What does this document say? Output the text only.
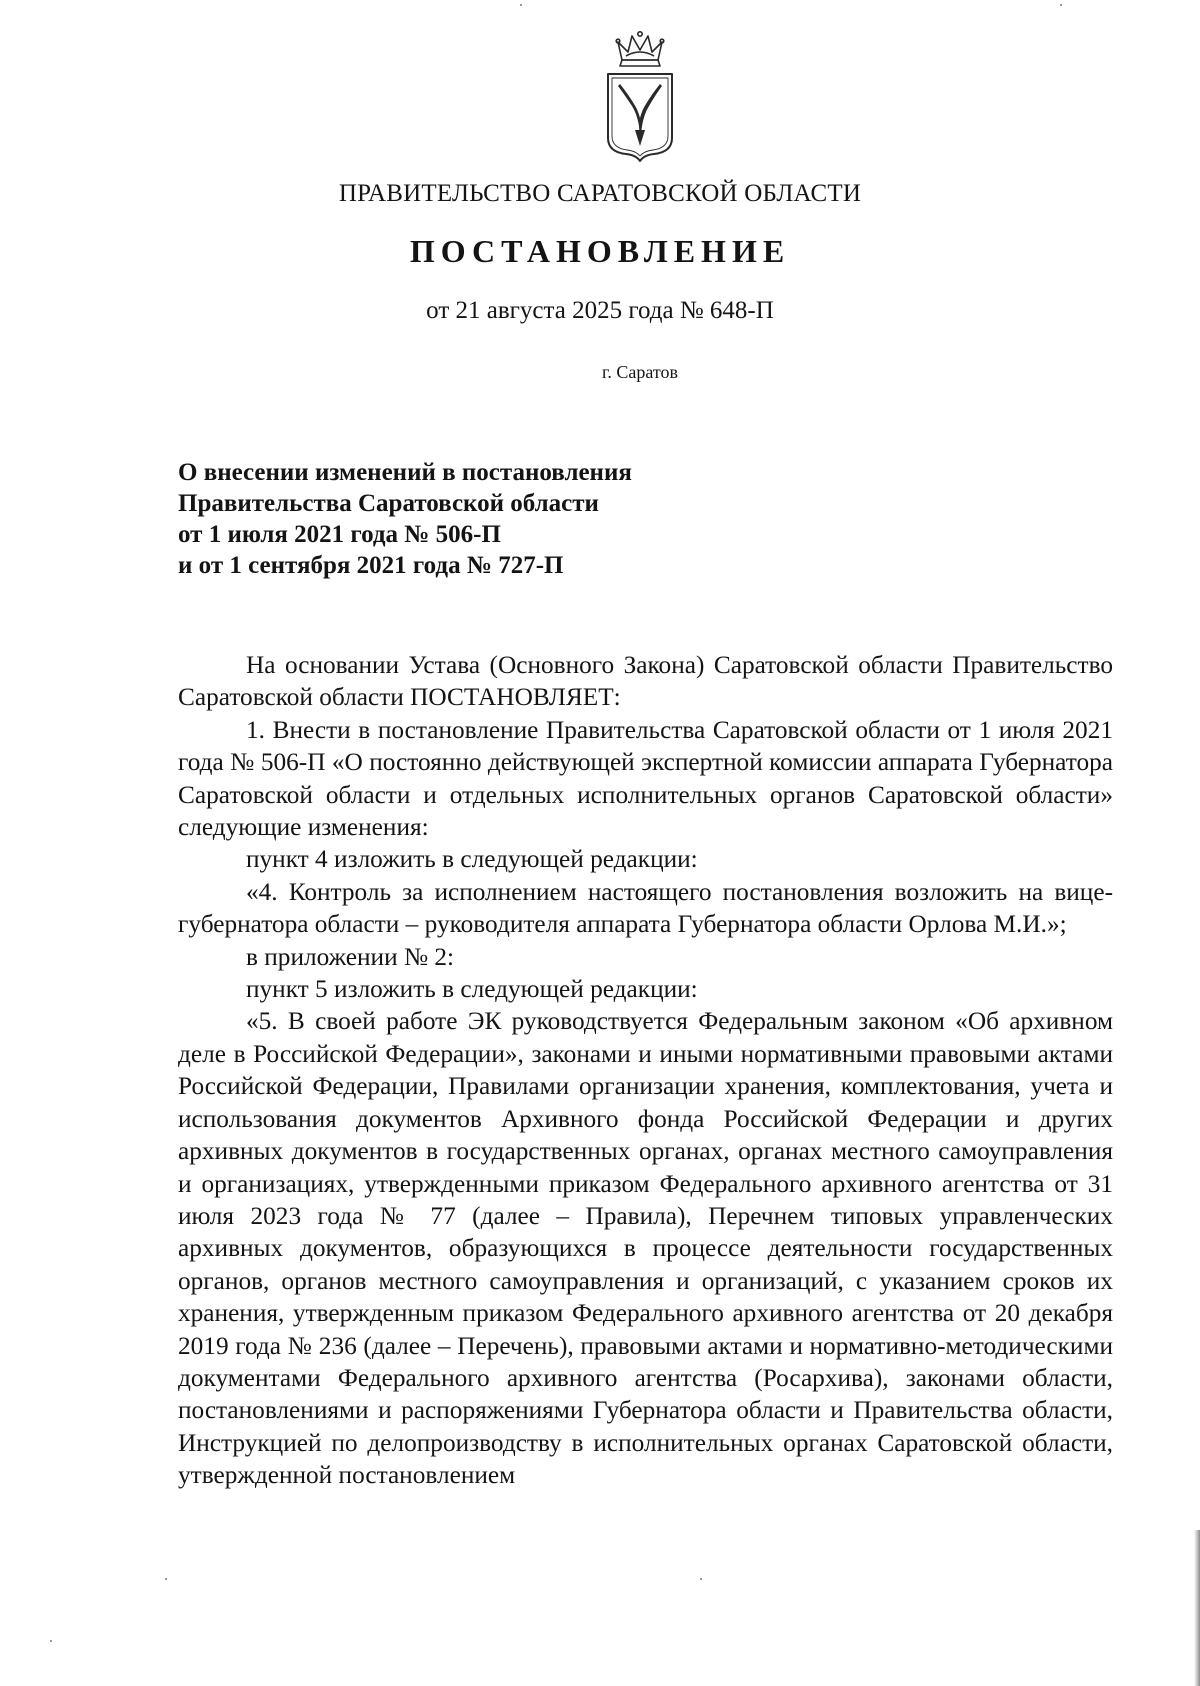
ПРАВИТЕЛЬСТВО САРАТОВСКОЙ ОБЛАСТИ
ПОСТАНОВЛЕНИЕ
от 21 августа 2025 года № 648-П
г. Саратов
О внесении изменений в постановления
Правительства Саратовской области
от 1 июля 2021 года № 506-П
и от 1 сентября 2021 года № 727-П

На основании Устава (Основного Закона) Саратовской области Правительство Саратовской области ПОСТАНОВЛЯЕТ:

1. Внести в постановление Правительства Саратовской области от 1 июля 2021 года № 506-П «О постоянно действующей экспертной комиссии аппарата Губернатора Саратовской области и отдельных исполнительных органов Саратовской области» следующие изменения:

пункт 4 изложить в следующей редакции:

«4. Контроль за исполнением настоящего постановления возложить на вице-губернатора области – руководителя аппарата Губернатора области Орлова М.И.»;

в приложении № 2:

пункт 5 изложить в следующей редакции:

«5. В своей работе ЭК руководствуется Федеральным законом «Об архивном деле в Российской Федерации», законами и иными нормативными правовыми актами Российской Федерации, Правилами организации хранения, комплектования, учета и использования документов Архивного фонда Российской Федерации и других архивных документов в государственных органах, органах местного самоуправления и организациях, утвержденными приказом Федерального архивного агентства от 31 июля 2023 года № 77 (далее – Правила), Перечнем типовых управленческих архивных документов, образующихся в процессе деятельности государственных органов, органов местного самоуправления и организаций, с указанием сроков их хранения, утвержденным приказом Федерального архивного агентства от 20 декабря 2019 года № 236 (далее – Перечень), правовыми актами и нормативно-методическими документами Федерального архивного агентства (Росархива), законами области, постановлениями и распоряжениями Губернатора области и Правительства области, Инструкцией по делопроизводству в исполнительных органах Саратовской области, утвержденной постановлением
